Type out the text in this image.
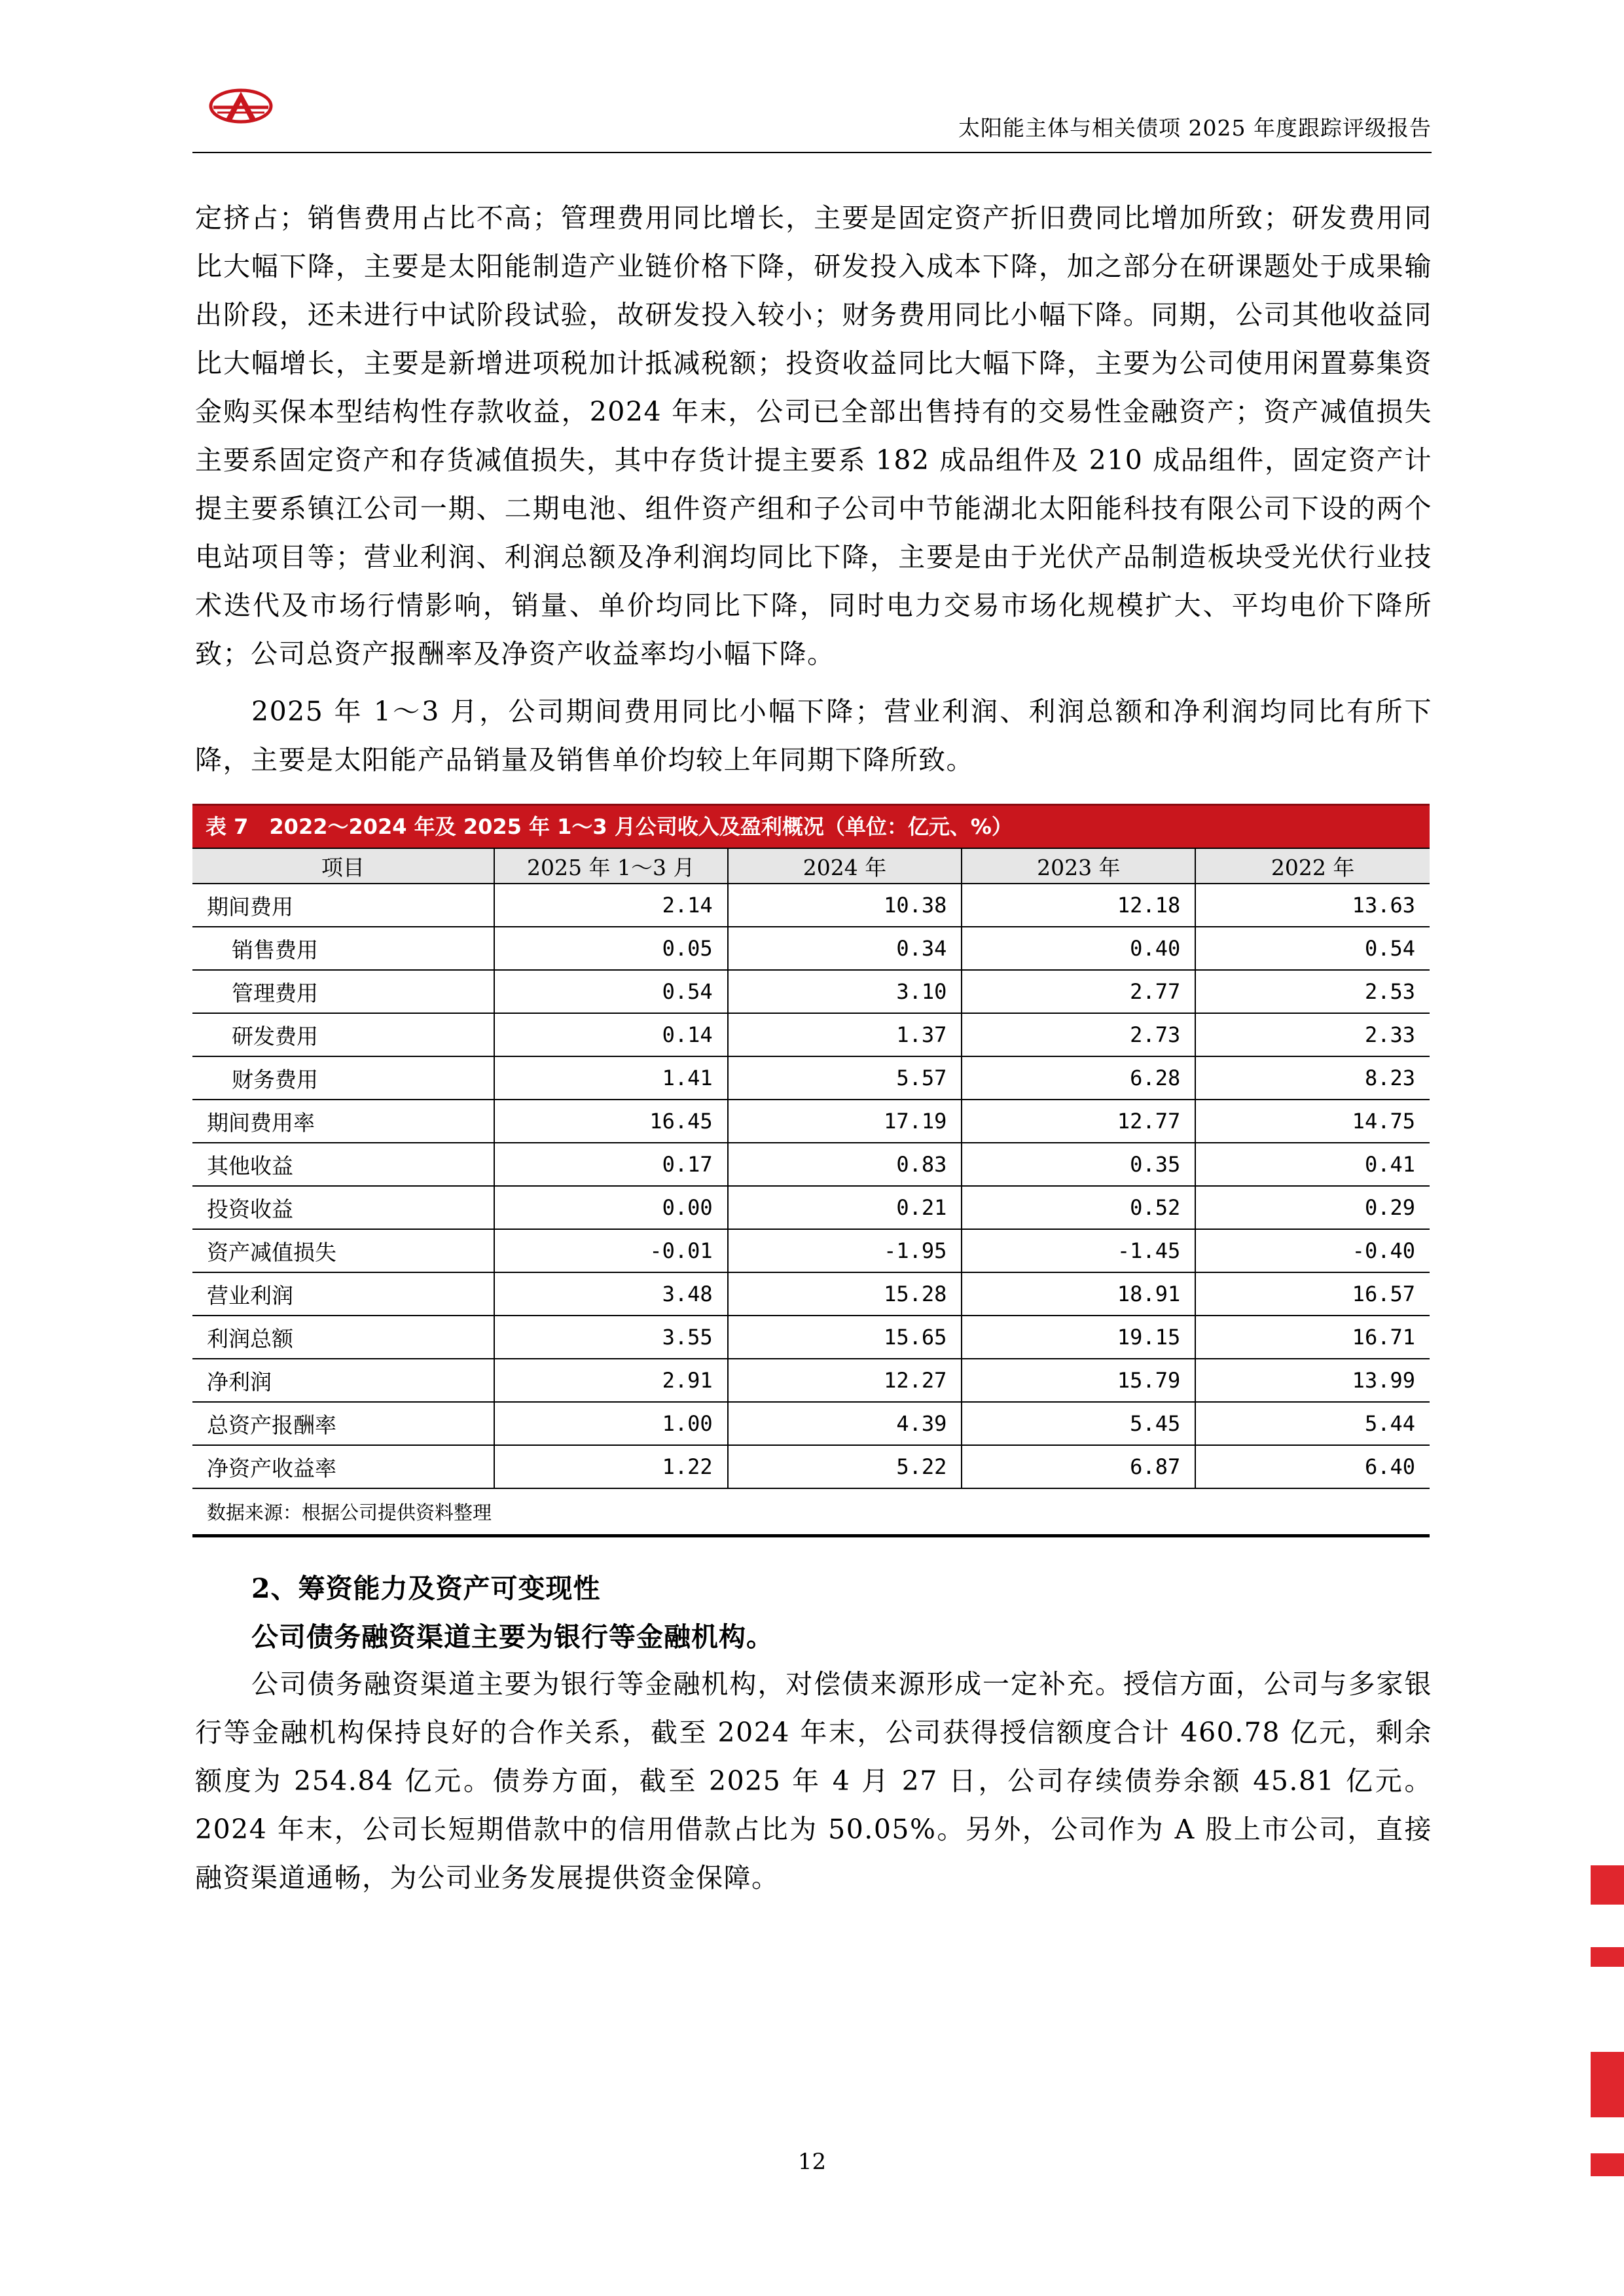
太阳能主体与相关债项 2025 年度跟踪评级报告

定挤占；销售费用占比不高；管理费用同比增长，主要是固定资产折旧费同比增加所致；研发费用同比大幅下降，主要是太阳能制造产业链价格下降，研发投入成本下降，加之部分在研课题处于成果输出阶段，还未进行中试阶段试验，故研发投入较小；财务费用同比小幅下降。同期，公司其他收益同比大幅增长，主要是新增进项税加计抵减税额；投资收益同比大幅下降，主要为公司使用闲置募集资金购买保本型结构性存款收益，2024 年末，公司已全部出售持有的交易性金融资产；资产减值损失主要系固定资产和存货减值损失，其中存货计提主要系 182 成品组件及 210 成品组件，固定资产计提主要系镇江公司一期、二期电池、组件资产组和子公司中节能湖北太阳能科技有限公司下设的两个电站项目等；营业利润、利润总额及净利润均同比下降，主要是由于光伏产品制造板块受光伏行业技术迭代及市场行情影响，销量、单价均同比下降，同时电力交易市场化规模扩大、平均电价下降所致；公司总资产报酬率及净资产收益率均小幅下降。

2025 年 1～3 月，公司期间费用同比小幅下降；营业利润、利润总额和净利润均同比有所下降，主要是太阳能产品销量及销售单价均较上年同期下降所致。

表 7　2022～2024 年及 2025 年 1～3 月公司收入及盈利概况（单位：亿元、%）
项目	2025 年 1～3 月	2024 年	2023 年	2022 年
期间费用	2.14	10.38	12.18	13.63
销售费用	0.05	0.34	0.40	0.54
管理费用	0.54	3.10	2.77	2.53
研发费用	0.14	1.37	2.73	2.33
财务费用	1.41	5.57	6.28	8.23
期间费用率	16.45	17.19	12.77	14.75
其他收益	0.17	0.83	0.35	0.41
投资收益	0.00	0.21	0.52	0.29
资产减值损失	-0.01	-1.95	-1.45	-0.40
营业利润	3.48	15.28	18.91	16.57
利润总额	3.55	15.65	19.15	16.71
净利润	2.91	12.27	15.79	13.99
总资产报酬率	1.00	4.39	5.45	5.44
净资产收益率	1.22	5.22	6.87	6.40
数据来源：根据公司提供资料整理

2、筹资能力及资产可变现性

公司债务融资渠道主要为银行等金融机构。

公司债务融资渠道主要为银行等金融机构，对偿债来源形成一定补充。授信方面，公司与多家银行等金融机构保持良好的合作关系，截至 2024 年末，公司获得授信额度合计 460.78 亿元，剩余额度为 254.84 亿元。债券方面，截至 2025 年 4 月 27 日，公司存续债券余额 45.81 亿元。2024 年末，公司长短期借款中的信用借款占比为 50.05%。另外，公司作为 A 股上市公司，直接融资渠道通畅，为公司业务发展提供资金保障。

12
